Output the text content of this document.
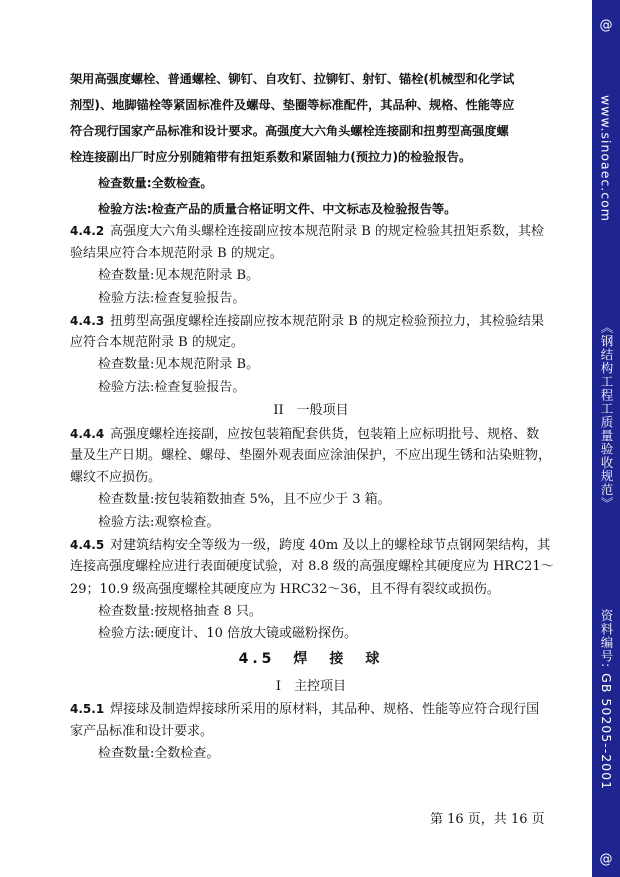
架用高强度螺栓、普通螺栓、铆钉、自攻钉、拉铆钉、射钉、锚栓(机械型和化学试
剂型)、地脚锚栓等紧固标准件及螺母、垫圈等标准配件，其品种、规格、性能等应
符合现行国家产品标准和设计要求。高强度大六角头螺栓连接副和扭剪型高强度螺
栓连接副出厂时应分别随箱带有扭矩系数和紧固轴力(预拉力)的检验报告。
检查数量:全数检查。
检验方法:检查产品的质量合格证明文件、中文标志及检验报告等。
4.4.2 高强度大六角头螺栓连接副应按本规范附录 B 的规定检验其扭矩系数，其检
验结果应符合本规范附录 B 的规定。
检查数量:见本规范附录 B。
检验方法:检查复验报告。
4.4.3 扭剪型高强度螺栓连接副应按本规范附录 B 的规定检验预拉力，其检验结果
应符合本规范附录 B 的规定。
检查数量:见本规范附录 B。
检验方法:检查复验报告。
II　一般项目
4.4.4 高强度螺栓连接副，应按包装箱配套供货，包装箱上应标明批号、规格、数
量及生产日期。螺栓、螺母、垫圈外观表面应涂油保护，不应出现生锈和沾染赃物，
螺纹不应损伤。
检查数量:按包装箱数抽查 5%，且不应少于 3 箱。
检验方法:观察检查。
4.4.5 对建筑结构安全等级为一级，跨度 40m 及以上的螺栓球节点钢网架结构，其
连接高强度螺栓应进行表面硬度试验，对 8.8 级的高强度螺栓其硬度应为 HRC21～
29；10.9 级高强度螺栓其硬度应为 HRC32～36，且不得有裂纹或损伤。
检查数量:按规格抽查 8 只。
检验方法:硬度计、10 倍放大镜或磁粉探伤。
4.5　焊　接　球
I　主控项目
4.5.1 焊接球及制造焊接球所采用的原材料，其品种、规格、性能等应符合现行国
家产品标准和设计要求。
检查数量:全数检查。
第 16 页，共 16 页
@
www.sinoaec.com
《钢结构工程工质量验收规范》
资料编号: GB 50205--2001
@
